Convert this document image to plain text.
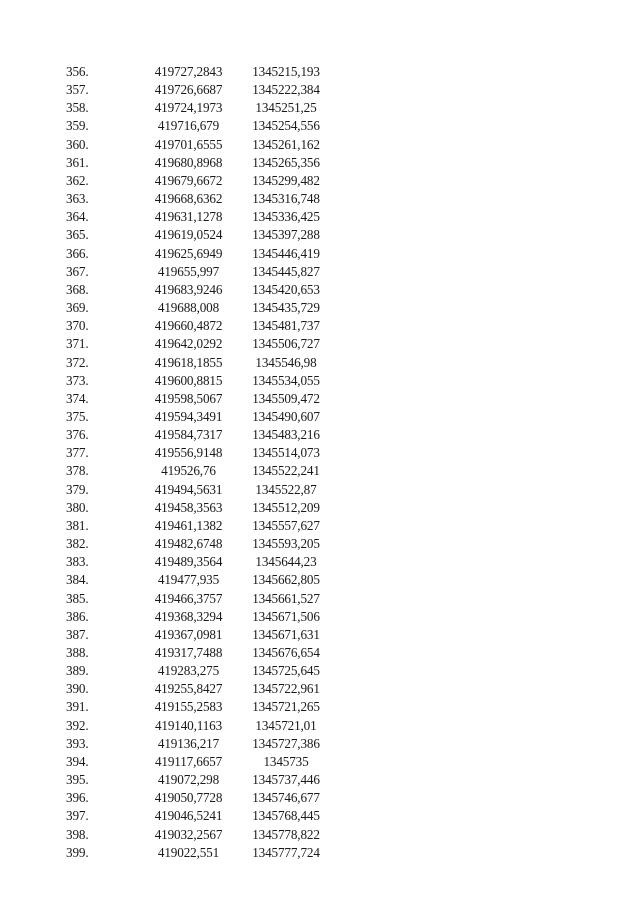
356.	419727,2843	1345215,193
357.	419726,6687	1345222,384
358.	419724,1973	1345251,25
359.	419716,679	1345254,556
360.	419701,6555	1345261,162
361.	419680,8968	1345265,356
362.	419679,6672	1345299,482
363.	419668,6362	1345316,748
364.	419631,1278	1345336,425
365.	419619,0524	1345397,288
366.	419625,6949	1345446,419
367.	419655,997	1345445,827
368.	419683,9246	1345420,653
369.	419688,008	1345435,729
370.	419660,4872	1345481,737
371.	419642,0292	1345506,727
372.	419618,1855	1345546,98
373.	419600,8815	1345534,055
374.	419598,5067	1345509,472
375.	419594,3491	1345490,607
376.	419584,7317	1345483,216
377.	419556,9148	1345514,073
378.	419526,76	1345522,241
379.	419494,5631	1345522,87
380.	419458,3563	1345512,209
381.	419461,1382	1345557,627
382.	419482,6748	1345593,205
383.	419489,3564	1345644,23
384.	419477,935	1345662,805
385.	419466,3757	1345661,527
386.	419368,3294	1345671,506
387.	419367,0981	1345671,631
388.	419317,7488	1345676,654
389.	419283,275	1345725,645
390.	419255,8427	1345722,961
391.	419155,2583	1345721,265
392.	419140,1163	1345721,01
393.	419136,217	1345727,386
394.	419117,6657	1345735
395.	419072,298	1345737,446
396.	419050,7728	1345746,677
397.	419046,5241	1345768,445
398.	419032,2567	1345778,822
399.	419022,551	1345777,724
